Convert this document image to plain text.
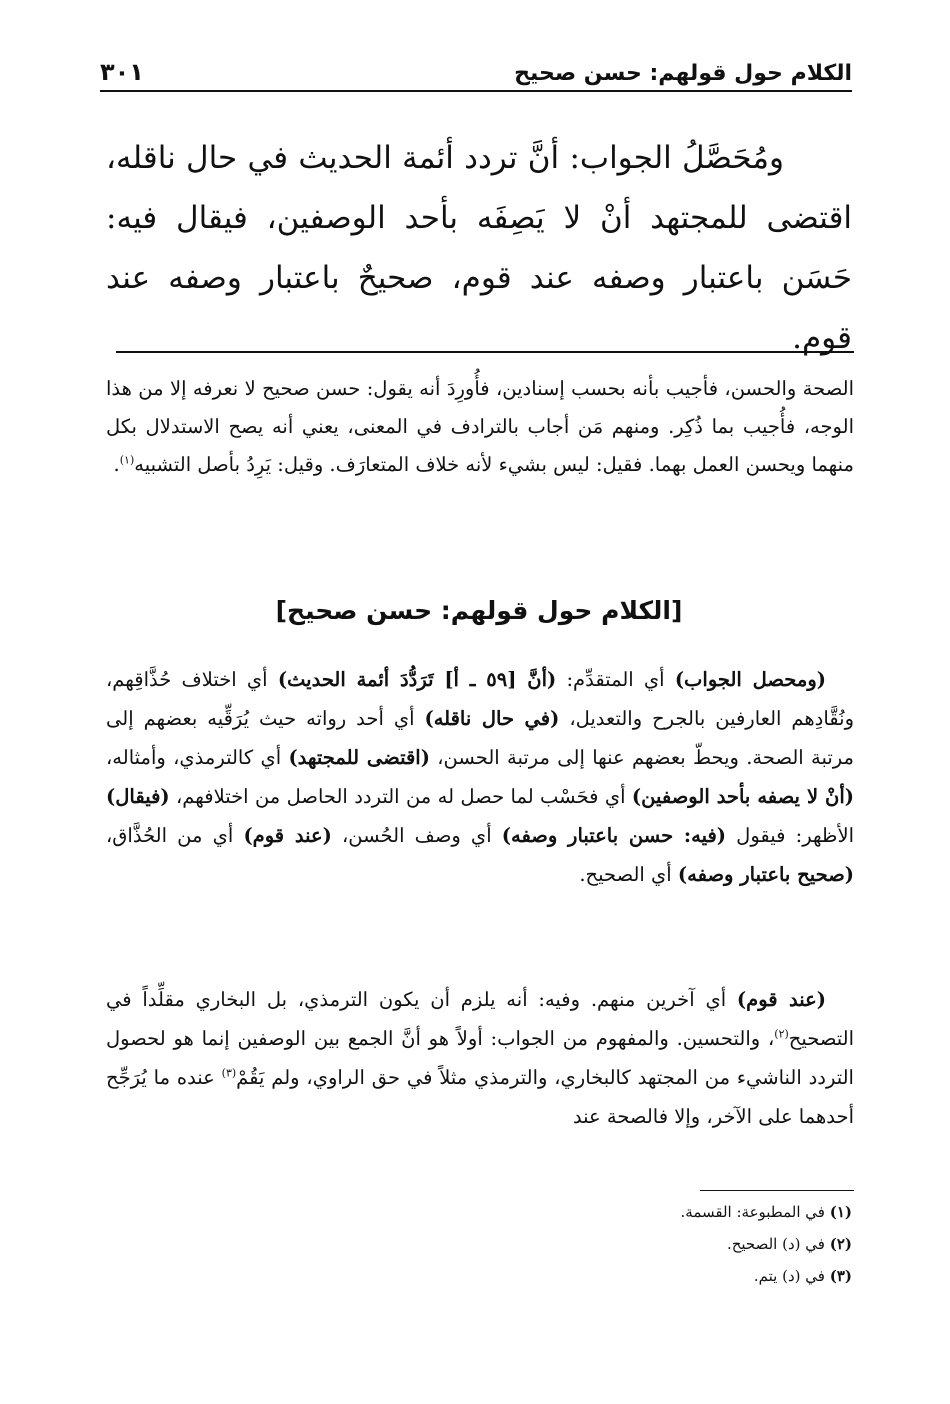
الكلام حول قولهم: حسن صحيح
٣٠١
ومُحَصَّلُ الجواب: أنَّ تردد أئمة الحديث في حال ناقله، اقتضى للمجتهد أنْ لا يَصِفَه بأحد الوصفين، فيقال فيه: حَسَن باعتبار وصفه عند قوم، صحيحٌ باعتبار وصفه عند قوم.
الصحة والحسن، فأجيب بأنه بحسب إسنادين، فأُورِدَ أنه يقول: حسن صحيح لا نعرفه إلا من هذا الوجه، فأُجيب بما ذُكِر. ومنهم مَن أجاب بالترادف في المعنى، يعني أنه يصح الاستدلال بكل منهما ويحسن العمل بهما. فقيل: ليس بشيء لأنه خلاف المتعارَف. وقيل: يَرِدُ بأصل التشبيه$^{(١)}$.
[الكلام حول قولهم: حسن صحيح]

(ومحصل الجواب) أي المتقدِّم: (أنَّ [٥٩ ـ أ] تَرَدُّدَ أئمة الحديث) أي اختلاف حُذَّاقِهم، ونُقَّادِهم العارفين بالجرح والتعديل، (في حال ناقله) أي أحد رواته حيث يُرَقِّيه بعضهم إلى مرتبة الصحة. ويحطّ بعضهم عنها إلى مرتبة الحسن، (اقتضى للمجتهد) أي كالترمذي، وأمثاله، (أنْ لا يصفه بأحد الوصفين) أي فحَسْب لما حصل له من التردد الحاصل من اختلافهم، (فيقال) الأظهر: فيقول (فيه: حسن باعتبار وصفه) أي وصف الحُسن، (عند قوم) أي من الحُذَّاق، (صحيح باعتبار وصفه) أي الصحيح.

(عند قوم) أي آخرين منهم. وفيه: أنه يلزم أن يكون الترمذي، بل البخاري مقلِّداً في التصحيح$^{(٢)}$، والتحسين. والمفهوم من الجواب: أولاً هو أنَّ الجمع بين الوصفين إنما هو لحصول التردد الناشيء من المجتهد كالبخاري، والترمذي مثلاً في حق الراوي، ولم يَقُمْ$^{(٣)}$ عنده ما يُرَجِّح أحدهما على الآخر، وإلا فالصحة عند

(١) في المطبوعة: القسمة.
(٢) في (د) الصحيح.
(٣) في (د) يتم.
